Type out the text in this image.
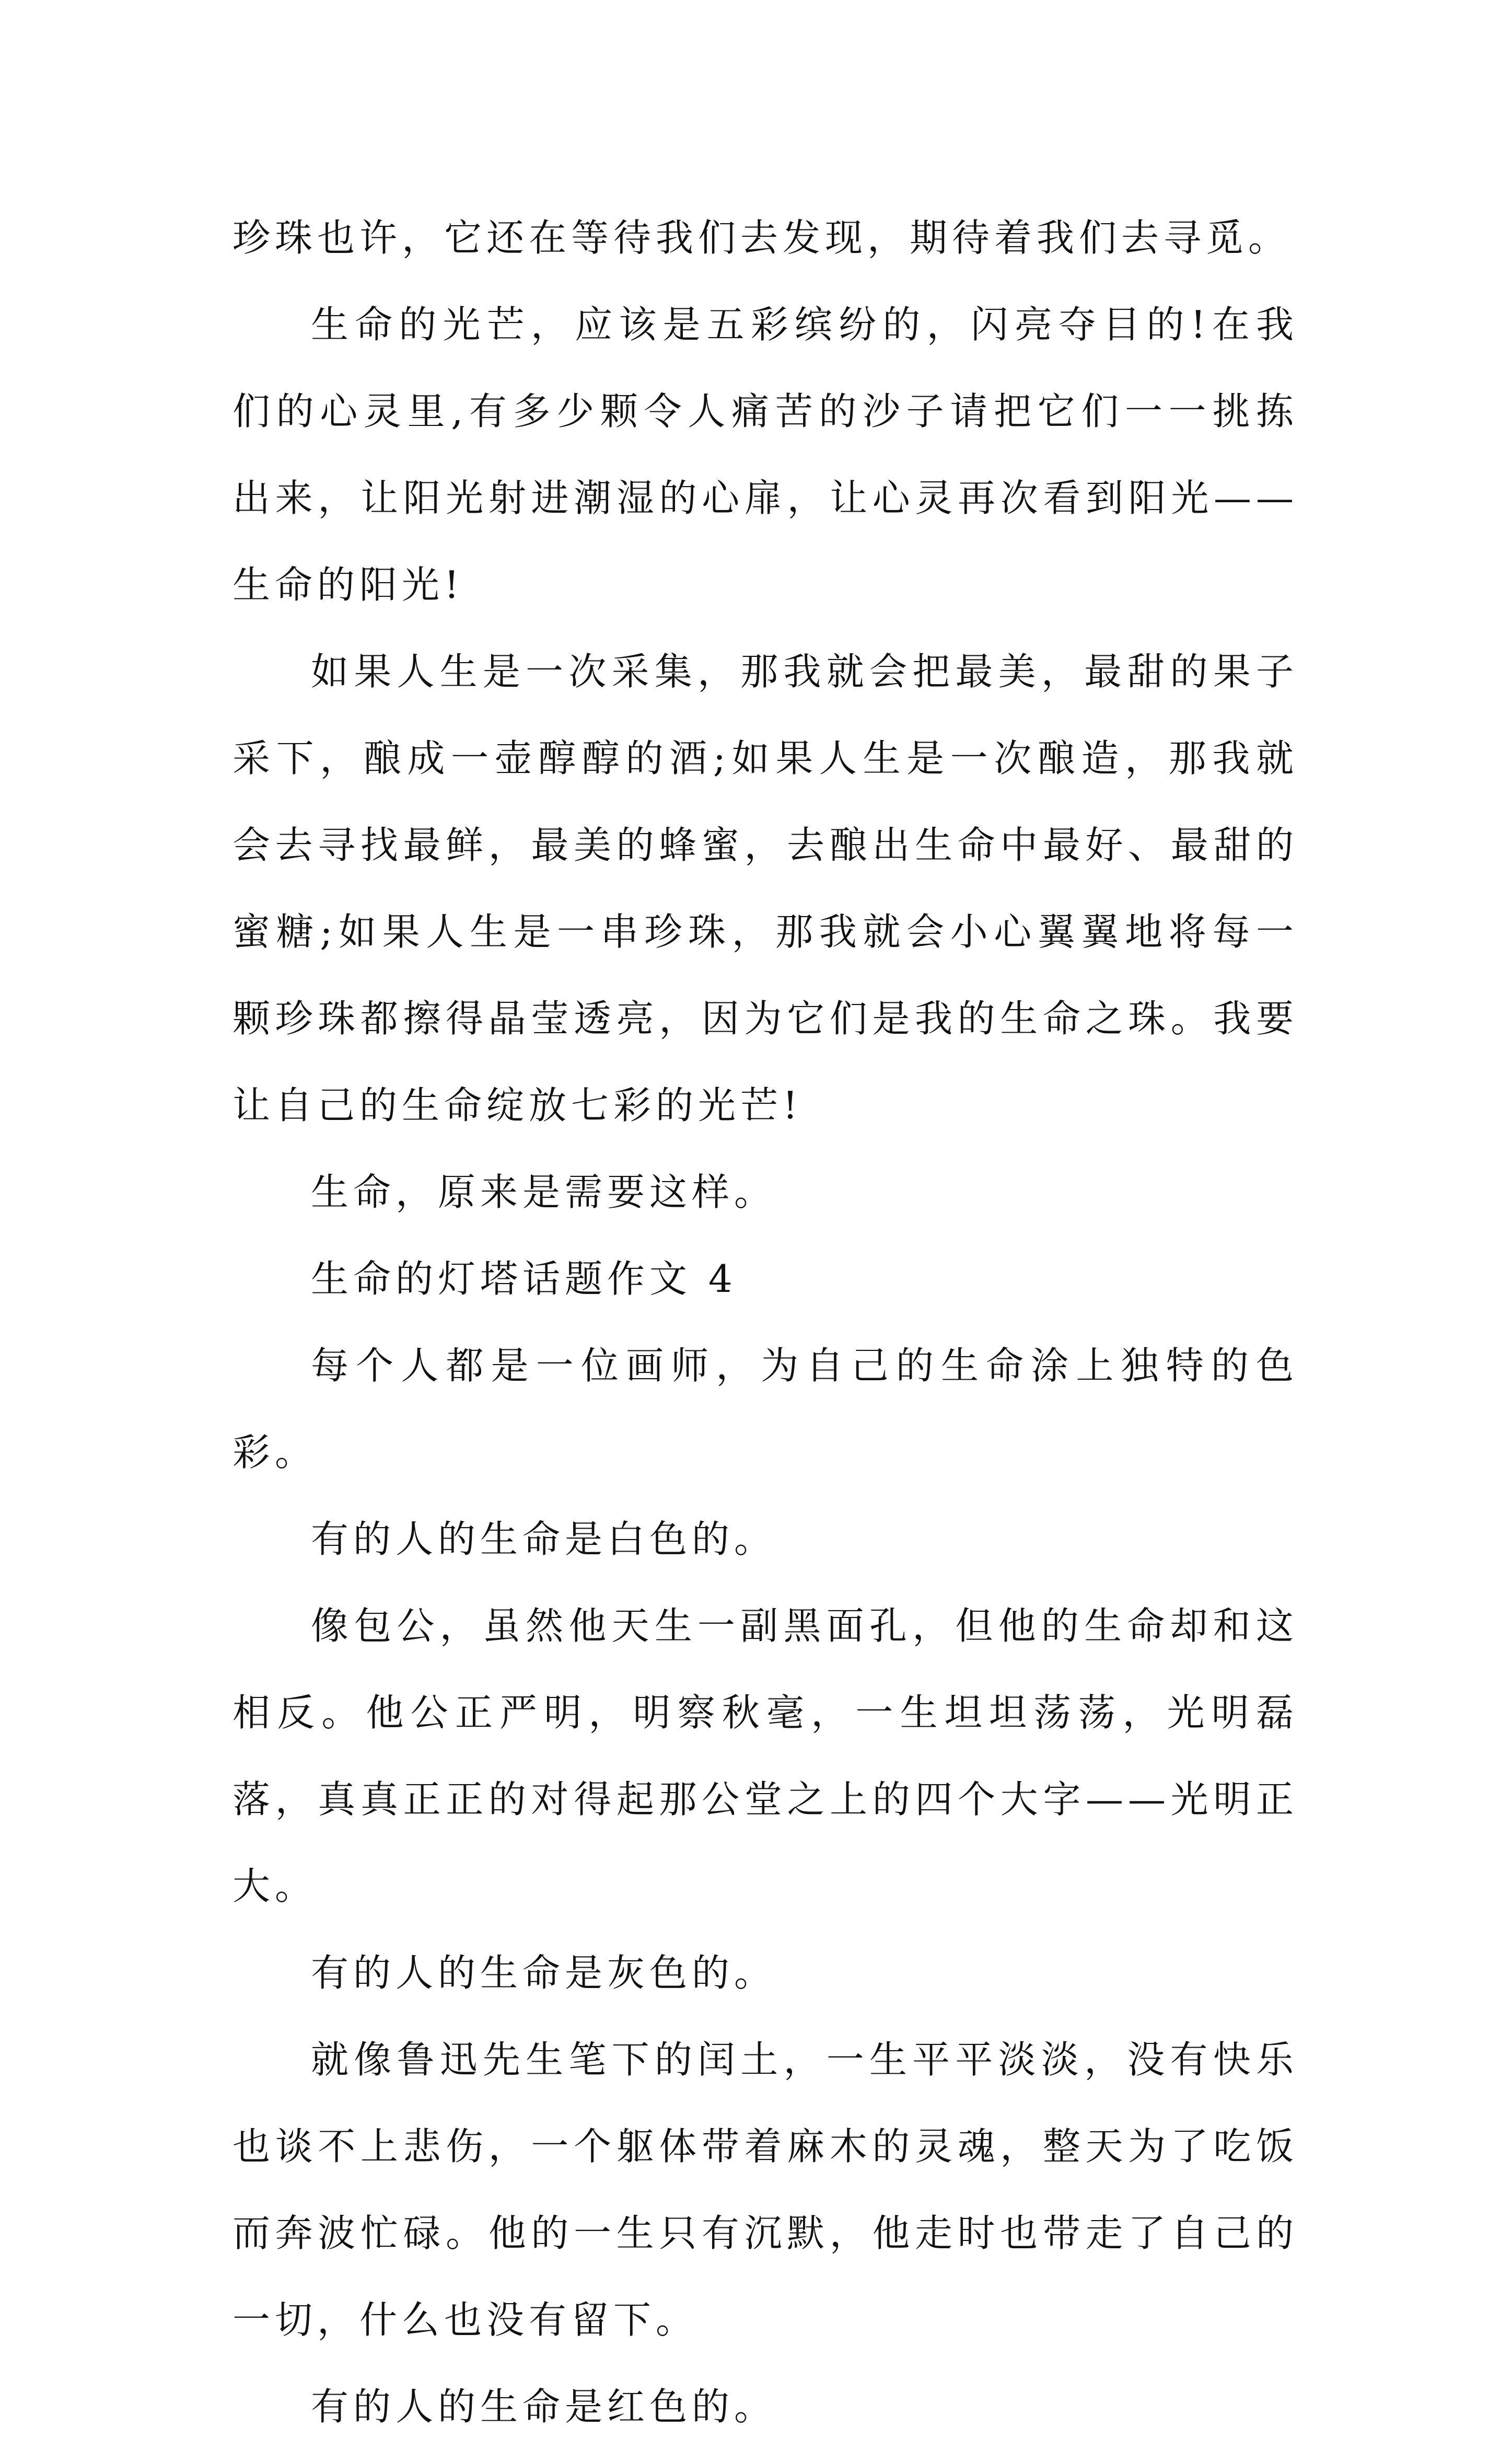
珍珠也许，它还在等待我们去发现，期待着我们去寻觅。

生命的光芒，应该是五彩缤纷的，闪亮夺目的!在我们的心灵里,有多少颗令人痛苦的沙子请把它们一一挑拣出来，让阳光射进潮湿的心扉，让心灵再次看到阳光——生命的阳光!

如果人生是一次采集，那我就会把最美，最甜的果子采下，酿成一壶醇醇的酒;如果人生是一次酿造，那我就会去寻找最鲜，最美的蜂蜜，去酿出生命中最好、最甜的蜜糖;如果人生是一串珍珠，那我就会小心翼翼地将每一颗珍珠都擦得晶莹透亮，因为它们是我的生命之珠。我要让自己的生命绽放七彩的光芒!

生命，原来是需要这样。

生命的灯塔话题作文 4

每个人都是一位画师，为自己的生命涂上独特的色彩。

有的人的生命是白色的。

像包公，虽然他天生一副黑面孔，但他的生命却和这相反。他公正严明，明察秋毫，一生坦坦荡荡，光明磊落，真真正正的对得起那公堂之上的四个大字——光明正大。

有的人的生命是灰色的。

就像鲁迅先生笔下的闰土，一生平平淡淡，没有快乐也谈不上悲伤，一个躯体带着麻木的灵魂，整天为了吃饭而奔波忙碌。他的一生只有沉默，他走时也带走了自己的一切，什么也没有留下。

有的人的生命是红色的。
